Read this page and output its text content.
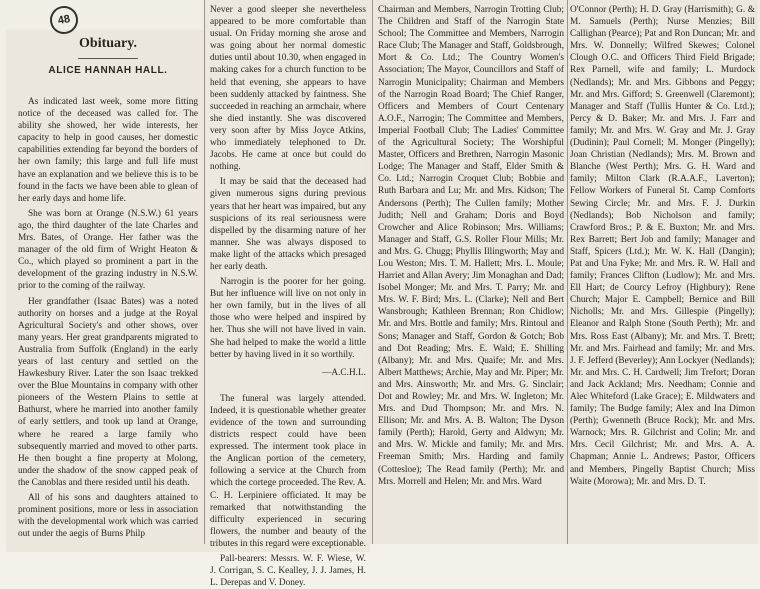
48
Obituary.
ALICE HANNAH HALL.

As indicated last week, some more fitting notice of the deceased was called for. The ability she showed, her wide interests, her capacity to help in good causes, her domestic capabilities extending far beyond the borders of her own family; this large and full life must have an explanation and we believe this is to be found in the facts we have been able to glean of her early days and home life.

She was born at Orange (N.S.W.) 61 years ago, the third daughter of the late Charles and Mrs. Bates, of Orange. Her father was the manager of the old firm of Wright Heaton & Co., which played so prominent a part in the development of the grazing industry in N.S.W. prior to the coming of the railway.

Her grandfather (Isaac Bates) was a noted authority on horses and a judge at the Royal Agricultural Society's and other shows, over many years. Her great grandparents migrated to Australia from Suffolk (England) in the early years of last century and settled on the Hawkesbury River. Later the son Isaac trekked over the Blue Mountains in company with other pioneers of the Western Plains to settle at Bathurst, where he married into another family of early settlers, and took up land at Orange, where he reared a large family who subsequently married and moved to other parts. He then bought a fine property at Molong, under the shadow of the snow capped peak of the Canoblas and there resided until his death.

All of his sons and daughters attained to prominent positions, more or less in association with the developmental work which was carried out under the aegis of Burns Philp

Never a good sleeper she nevertheless appeared to be more comfortable than usual. On Friday morning she arose and was going about her normal domestic duties until about 10.30, when engaged in making cakes for a church function to be held that evening, she appears to have been suddenly attacked by faintness. She succeeded in reaching an armchair, where she died instantly. She was discovered very soon after by Miss Joyce Atkins, who immediately telephoned to Dr. Jacobs. He came at once but could do nothing.

It may be said that the deceased had given numerous signs during previous years that her heart was impaired, but any suspicions of its real seriousness were dispelled by the disarming nature of her manner. She was always disposed to make light of the attacks which presaged her early death.

Narrogin is the poorer for her going. But her influence will live on not only in her own family, but in the lives of all those who were helped and inspired by her. Thus she will not have lived in vain. She had helped to make the world a little better by having lived in it so worthily.

—A.C.H.L.

The funeral was largely attended. Indeed, it is questionable whether greater evidence of the town and surrounding districts respect could have been expressed. The interment took place in the Anglican portion of the cemetery, following a service at the Church from which the cortege proceeded. The Rev. A. C. H. Lerpiniere officiated. It may be remarked that notwithstanding the difficulty experienced in securing flowers, the number and beauty of the tributes in this regard were exceptionable.

Pall-bearers: Messrs. W. F. Wiese, W. J. Corrigan, S. C. Kealley, J. J. James, H. L. Derepas and V. Doney.

Chairman and Members, Narrogin Trotting Club; The Children and Staff of the Narrogin State School; The Committee and Members, Narrogin Race Club; The Manager and Staff, Goldsbrough, Mort & Co. Ltd.; The Country Women's Association; The Mayor, Councillors and Staff of Narrogin Municipality; Chairman and Members of the Narrogin Road Board; The Chief Ranger, Officers and Members of Court Centenary A.O.F., Narrogin; The Committee and Members, Imperial Football Club; The Ladies' Committee of the Agricultural Society; The Worshipful Master, Officers and Brethren, Narrogin Masonic Lodge; The Manager and Staff, Elder Smith & Co. Ltd.; Narrogin Croquet Club; Bobbie and Ruth Barbara and Lu; Mr. and Mrs. Kidson; The Andersons (Perth); The Cullen family; Mother Judith; Nell and Graham; Doris and Boyd Crowcher and Alice Robinson; Mrs. Williams; Manager and Staff, G.S. Roller Flour Mills; Mr. and Mrs. G. Chugg; Phyllis Illingworth; May and Lou Weston; Mrs. T. M. Hallett; Mrs. L. Moule; Harriet and Allan Avery; Jim Monaghan and Dad; Isobel Monger; Mr. and Mrs. T. Parry; Mr. and Mrs. W. F. Bird; Mrs. L. (Clarke); Nell and Bert Wansbrough; Kathleen Brennan; Ron Chidlow; Mr. and Mrs. Bottle and family; Mrs. Rintoul and Sons; Manager and Staff, Gordon & Gotch; Bob and Dot Reading; Mrs. E. Wald; E. Shilling (Albany); Mr. and Mrs. Quaife; Mr. and Mrs. Albert Matthews; Archie, May and Mr. Piper; Mr. and Mrs. Ainsworth; Mr. and Mrs. G. Sinclair; Dot and Rowley; Mr. and Mrs. W. Ingleton; Mr. Mrs. and Dud Thompson; Mr. and Mrs. N. Ellison; Mr. and Mrs. A. B. Walton; The Dyson family (Perth); Harold, Gerty and Aldwyn; Mr. and Mrs. W. Mickle and family; Mr. and Mrs. Freeman Smith; Mrs. Harding and family (Cottesloe); The Read family (Perth); Mr. and Mrs. Morrell and Helen; Mr. and Mrs. Ward

O'Connor (Perth); H. D. Gray (Harrismith); G. & M. Samuels (Perth); Nurse Menzies; Bill Callighan (Pearce); Pat and Ron Duncan; Mr. and Mrs. W. Donnelly; Wilfred Skewes; Colonel Clough O.C. and Officers Third Field Brigade; Rex Parnell, wife and family; L. Murdock (Nedlands); Mr. and Mrs. Gibbons and Peggy; Mr. and Mrs. Gifford; S. Greenwell (Claremont); Manager and Staff (Tullis Hunter & Co. Ltd.); Percy & D. Baker; Mr. and Mrs. J. Farr and family; Mr. and Mrs. W. Gray and Mr. J. Gray (Dudinin); Paul Cornell; M. Monger (Pingelly); Joan Christian (Nedlands); Mrs. M. Brown and Blanche (West Perth); Mrs. G. H. Ward and family; Milton Clark (R.A.A.F., Laverton); Fellow Workers of Funeral St. Camp Comforts Sewing Circle; Mr. and Mrs. F. J. Durkin (Nedlands); Bob Nicholson and family; Crawford Bros.; P. & E. Buxton; Mr. and Mrs. Rex Barrett; Bert Job and family; Manager and Staff, Spicers (Ltd.); Mr. W. K. Hall (Dangin); Pat and Una Fyke; Mr. and Mrs. R. W. Hall and family; Frances Clifton (Ludlow); Mr. and Mrs. Ell Hart; de Courcy Lefroy (Highbury); Rene Church; Major E. Campbell; Bernice and Bill Nicholls; Mr. and Mrs. Gillespie (Pingelly); Eleanor and Ralph Stone (South Perth); Mr. and Mrs. Ross East (Albany); Mr. and Mrs. T. Brett; Mr. and Mrs. Fairhead and family; Mr. and Mrs. J. F. Jefferd (Beverley); Ann Lockyer (Nedlands); Mr. and Mrs. C. H. Cardwell; Jim Trefort; Doran and Jack Ackland; Mrs. Needham; Connie and Alec Whiteford (Lake Grace); E. Mildwaters and family; The Budge family; Alex and Ina Dimon (Perth); Gwenneth (Bruce Rock); Mr. and Mrs. Warnock; Mrs. R. Gilchrist and Colin; Mr. and Mrs. Cecil Gilchrist; Mr. and Mrs. A. A. Chapman; Annie L. Andrews; Pastor, Officers and Members, Pingelly Baptist Church; Miss Waite (Morowa); Mr. and Mrs. D. T.
